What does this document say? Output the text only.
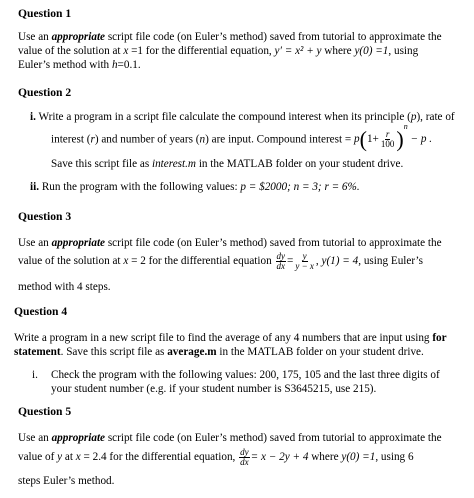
Question 1
Use an appropriate script file code (on Euler’s method) saved from tutorial to approximate the
value of the solution at x =1 for the differential equation, y′ = x² + y where y(0) =1, using
Euler’s method with h=0.1.
Question 2
i. Write a program in a script file calculate the compound interest when its principle (p), rate of
interest (r) and number of years (n) are input. Compound interest = $p(1+ \frac{r}{100} )^n - p$ .
Save this script file as interest.m in the MATLAB folder on your student drive.
ii. Run the program with the following values: p = $2000; n = 3; r = 6%.
Question 3
Use an appropriate script file code (on Euler’s method) saved from tutorial to approximate the
value of the solution at x = 2 for the differential equation $\frac{dy}{dx} = \frac{y}{y - x}$ , y(1) = 4, using Euler’s
method with 4 steps.
Question 4
Write a program in a new script file to find the average of any 4 numbers that are input using for
statement. Save this script file as average.m in the MATLAB folder on your student drive.
i. Check the program with the following values: 200, 175, 105 and the last three digits of
your student number (e.g. if your student number is S3645215, use 215).
Question 5
Use an appropriate script file code (on Euler’s method) saved from tutorial to approximate the
value of y at x = 2.4 for the differential equation, $\frac{dy}{dx} = x - 2y + 4$ where y(0) =1, using 6
steps Euler’s method.
